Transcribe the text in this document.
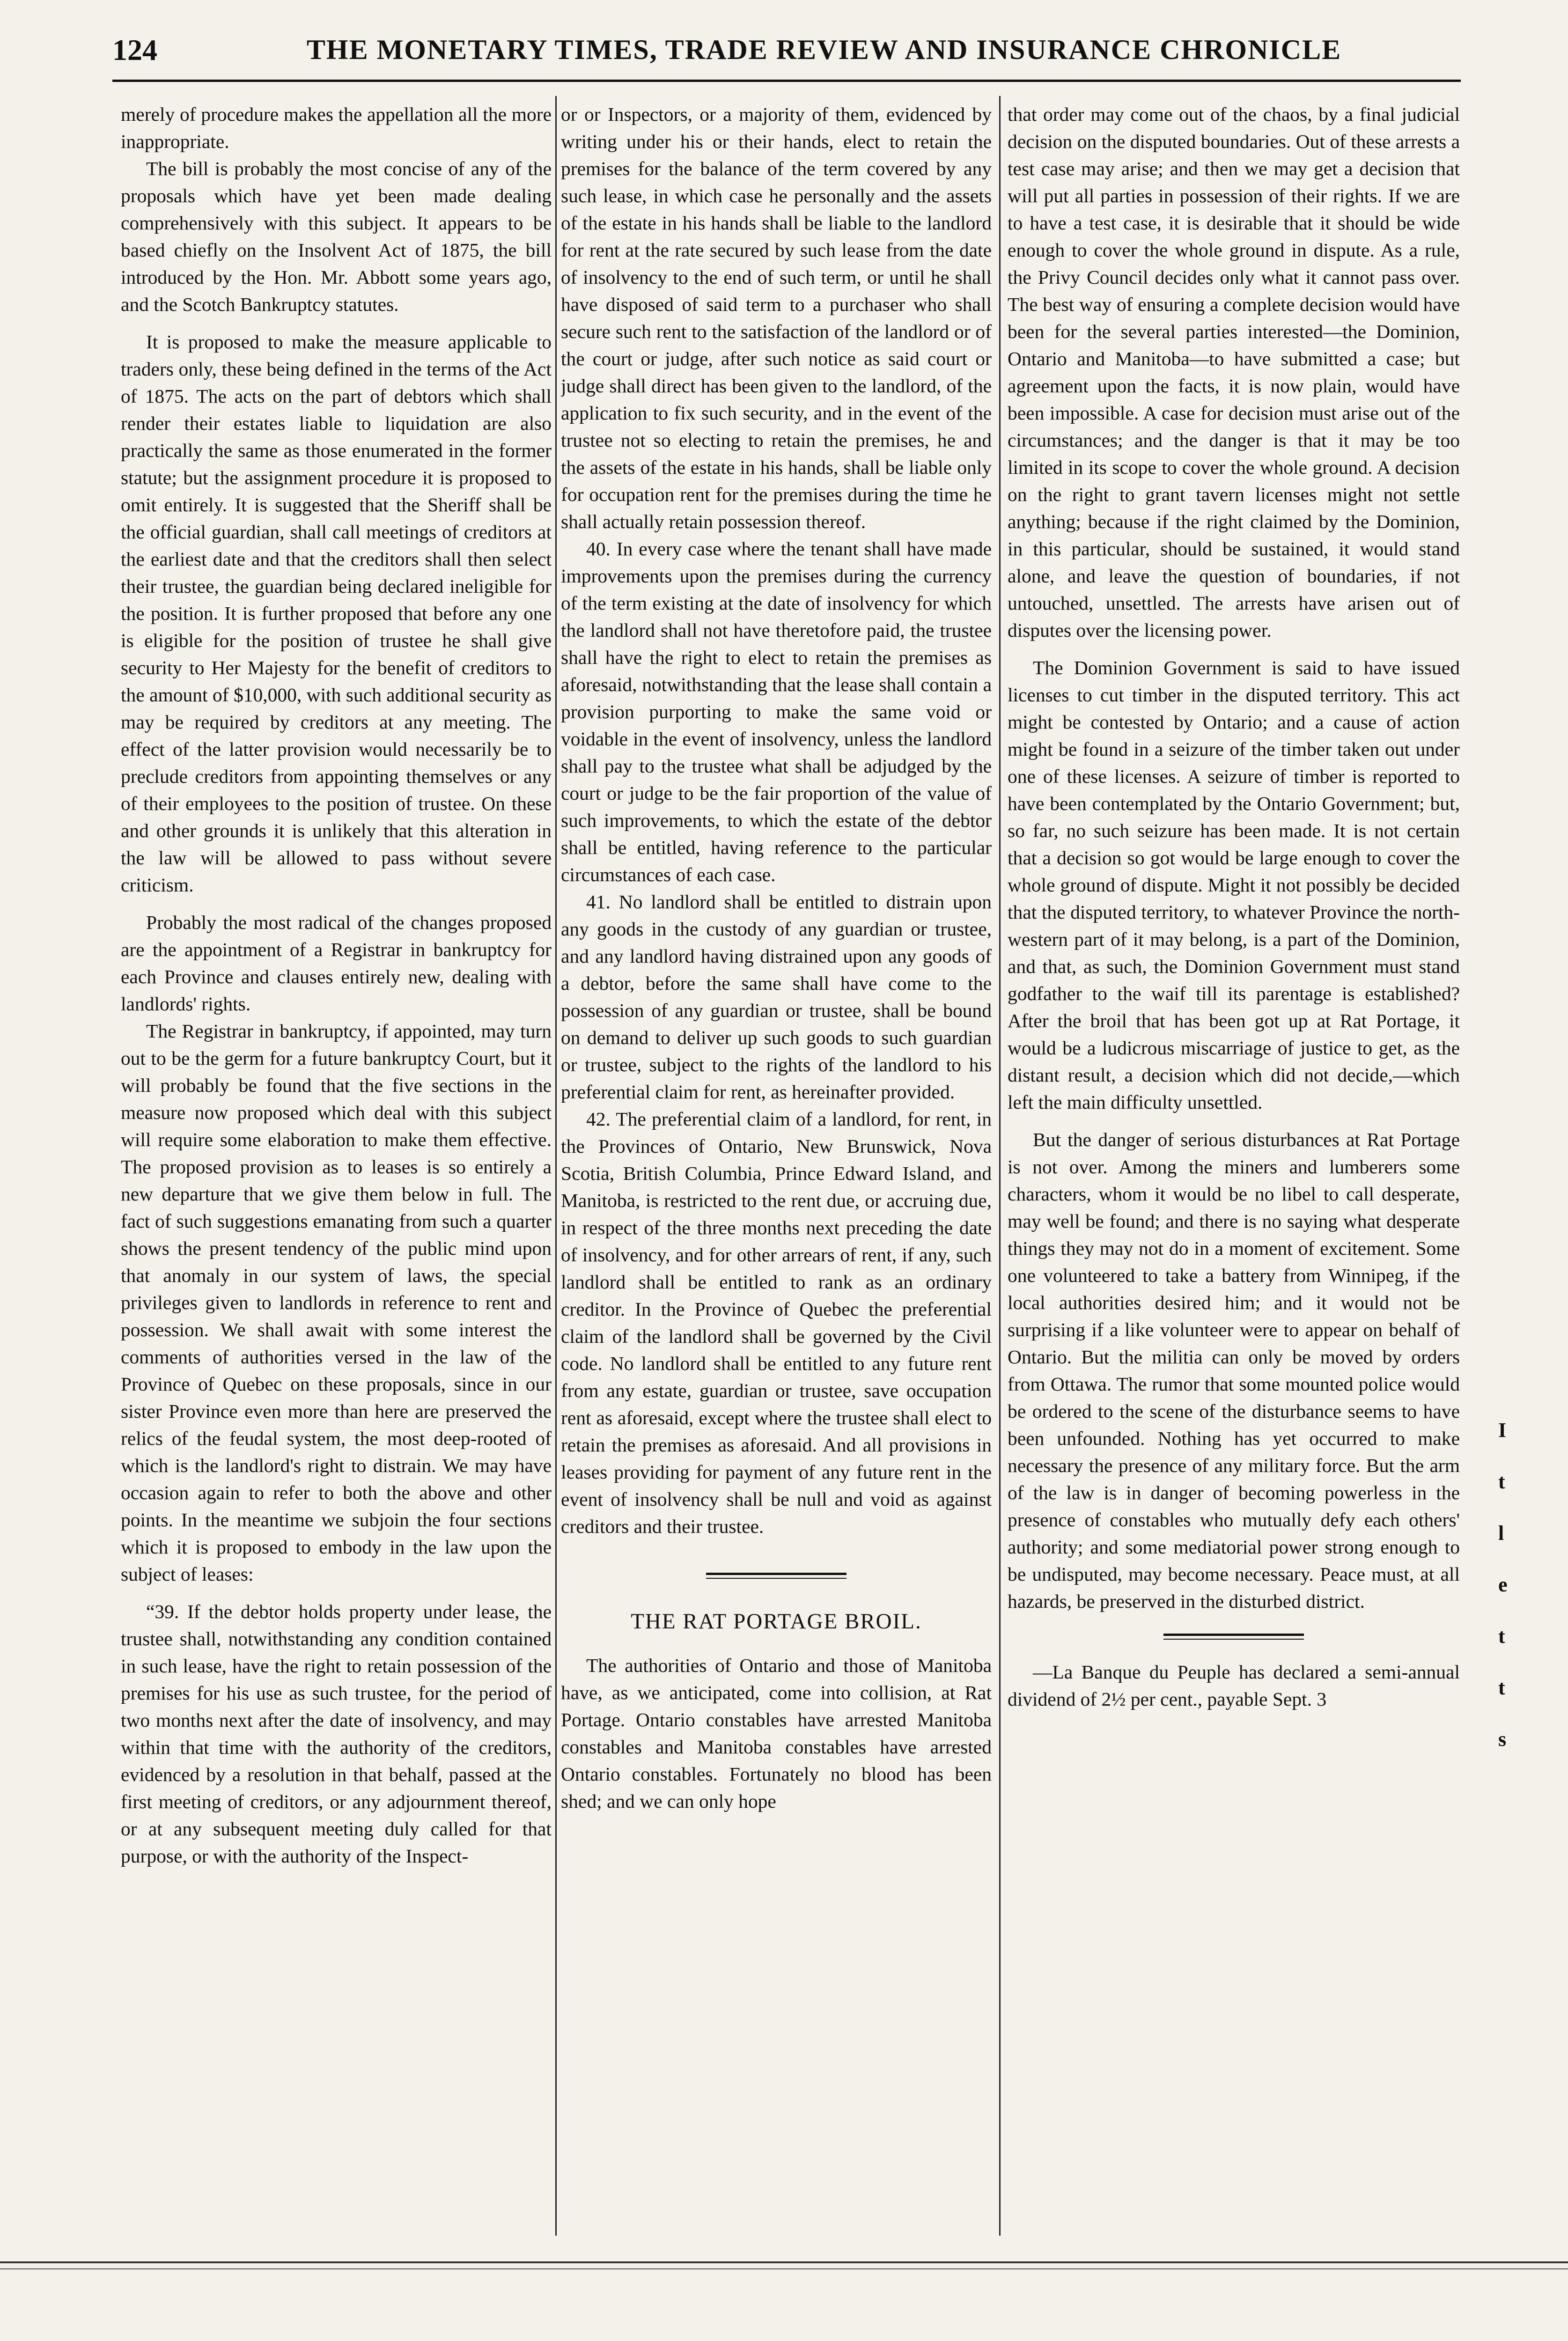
124	THE MONETARY TIMES, TRADE REVIEW AND INSURANCE CHRONICLE

merely of procedure makes the appellation all the more inappropriate.

The bill is probably the most concise of any of the proposals which have yet been made dealing comprehensively with this subject. It appears to be based chiefly on the Insolvent Act of 1875, the bill introduced by the Hon. Mr. Abbott some years ago, and the Scotch Bankruptcy statutes.

It is proposed to make the measure applicable to traders only, these being defined in the terms of the Act of 1875. The acts on the part of debtors which shall render their estates liable to liquidation are also practically the same as those enumerated in the former statute; but the assignment procedure it is proposed to omit entirely. It is suggested that the Sheriff shall be the official guardian, shall call meetings of creditors at the earliest date and that the creditors shall then select their trustee, the guardian being declared ineligible for the position. It is further proposed that before any one is eligible for the position of trustee he shall give security to Her Majesty for the benefit of creditors to the amount of $10,000, with such additional security as may be required by creditors at any meeting. The effect of the latter provision would necessarily be to preclude creditors from appointing themselves or any of their employees to the position of trustee. On these and other grounds it is unlikely that this alteration in the law will be allowed to pass without severe criticism.

Probably the most radical of the changes proposed are the appointment of a Registrar in bankruptcy for each Province and clauses entirely new, dealing with landlords' rights.

The Registrar in bankruptcy, if appointed, may turn out to be the germ for a future bankruptcy Court, but it will probably be found that the five sections in the measure now proposed which deal with this subject will require some elaboration to make them effective. The proposed provision as to leases is so entirely a new departure that we give them below in full. The fact of such suggestions emanating from such a quarter shows the present tendency of the public mind upon that anomaly in our system of laws, the special privileges given to landlords in reference to rent and possession. We shall await with some interest the comments of authorities versed in the law of the Province of Quebec on these proposals, since in our sister Province even more than here are preserved the relics of the feudal system, the most deep-rooted of which is the landlord's right to distrain. We may have occasion again to refer to both the above and other points. In the meantime we subjoin the four sections which it is proposed to embody in the law upon the subject of leases:

“39. If the debtor holds property under lease, the trustee shall, notwithstanding any condition contained in such lease, have the right to retain possession of the premises for his use as such trustee, for the period of two months next after the date of insolvency, and may within that time with the authority of the creditors, evidenced by a resolution in that behalf, passed at the first meeting of creditors, or any adjournment thereof, or at any subsequent meeting duly called for that purpose, or with the authority of the Inspect-

or or Inspectors, or a majority of them, evidenced by writing under his or their hands, elect to retain the premises for the balance of the term covered by any such lease, in which case he personally and the assets of the estate in his hands shall be liable to the landlord for rent at the rate secured by such lease from the date of insolvency to the end of such term, or until he shall have disposed of said term to a purchaser who shall secure such rent to the satisfaction of the landlord or of the court or judge, after such notice as said court or judge shall direct has been given to the landlord, of the application to fix such security, and in the event of the trustee not so electing to retain the premises, he and the assets of the estate in his hands, shall be liable only for occupation rent for the premises during the time he shall actually retain possession thereof.

40. In every case where the tenant shall have made improvements upon the premises during the currency of the term existing at the date of insolvency for which the landlord shall not have theretofore paid, the trustee shall have the right to elect to retain the premises as aforesaid, notwithstanding that the lease shall contain a provision purporting to make the same void or voidable in the event of insolvency, unless the landlord shall pay to the trustee what shall be adjudged by the court or judge to be the fair proportion of the value of such improvements, to which the estate of the debtor shall be entitled, having reference to the particular circumstances of each case.

41. No landlord shall be entitled to distrain upon any goods in the custody of any guardian or trustee, and any landlord having distrained upon any goods of a debtor, before the same shall have come to the possession of any guardian or trustee, shall be bound on demand to deliver up such goods to such guardian or trustee, subject to the rights of the landlord to his preferential claim for rent, as hereinafter provided.

42. The preferential claim of a landlord, for rent, in the Provinces of Ontario, New Brunswick, Nova Scotia, British Columbia, Prince Edward Island, and Manitoba, is restricted to the rent due, or accruing due, in respect of the three months next preceding the date of insolvency, and for other arrears of rent, if any, such landlord shall be entitled to rank as an ordinary creditor. In the Province of Quebec the preferential claim of the landlord shall be governed by the Civil code. No landlord shall be entitled to any future rent from any estate, guardian or trustee, save occupation rent as aforesaid, except where the trustee shall elect to retain the premises as aforesaid. And all provisions in leases providing for payment of any future rent in the event of insolvency shall be null and void as against creditors and their trustee.

THE RAT PORTAGE BROIL.

The authorities of Ontario and those of Manitoba have, as we anticipated, come into collision, at Rat Portage. Ontario constables have arrested Manitoba constables and Manitoba constables have arrested Ontario constables. Fortunately no blood has been shed; and we can only hope

that order may come out of the chaos, by a final judicial decision on the disputed boundaries. Out of these arrests a test case may arise; and then we may get a decision that will put all parties in possession of their rights. If we are to have a test case, it is desirable that it should be wide enough to cover the whole ground in dispute. As a rule, the Privy Council decides only what it cannot pass over. The best way of ensuring a complete decision would have been for the several parties interested—the Dominion, Ontario and Manitoba—to have submitted a case; but agreement upon the facts, it is now plain, would have been impossible. A case for decision must arise out of the circumstances; and the danger is that it may be too limited in its scope to cover the whole ground. A decision on the right to grant tavern licenses might not settle anything; because if the right claimed by the Dominion, in this particular, should be sustained, it would stand alone, and leave the question of boundaries, if not untouched, unsettled. The arrests have arisen out of disputes over the licensing power.

The Dominion Government is said to have issued licenses to cut timber in the disputed territory. This act might be contested by Ontario; and a cause of action might be found in a seizure of the timber taken out under one of these licenses. A seizure of timber is reported to have been contemplated by the Ontario Government; but, so far, no such seizure has been made. It is not certain that a decision so got would be large enough to cover the whole ground of dispute. Might it not possibly be decided that the disputed territory, to whatever Province the north-western part of it may belong, is a part of the Dominion, and that, as such, the Dominion Government must stand godfather to the waif till its parentage is established? After the broil that has been got up at Rat Portage, it would be a ludicrous miscarriage of justice to get, as the distant result, a decision which did not decide,—which left the main difficulty unsettled.

But the danger of serious disturbances at Rat Portage is not over. Among the miners and lumberers some characters, whom it would be no libel to call desperate, may well be found; and there is no saying what desperate things they may not do in a moment of excitement. Some one volunteered to take a battery from Winnipeg, if the local authorities desired him; and it would not be surprising if a like volunteer were to appear on behalf of Ontario. But the militia can only be moved by orders from Ottawa. The rumor that some mounted police would be ordered to the scene of the disturbance seems to have been unfounded. Nothing has yet occurred to make necessary the presence of any military force. But the arm of the law is in danger of becoming powerless in the presence of constables who mutually defy each others' authority; and some mediatorial power strong enough to be undisputed, may become necessary. Peace must, at all hazards, be preserved in the disturbed district.

—La Banque du Peuple has declared a semi-annual dividend of 2½ per cent., payable Sept. 3

I
t
l
e
t
t
s
